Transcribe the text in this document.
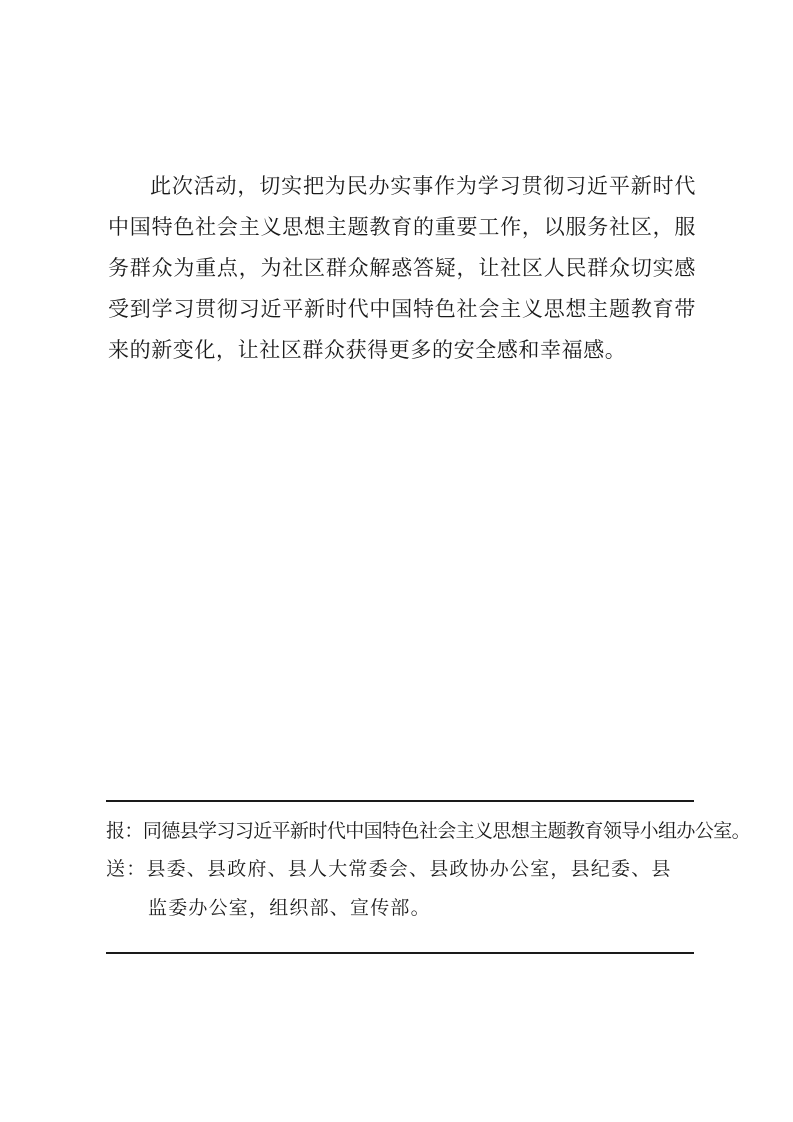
此次活动，切实把为民办实事作为学习贯彻习近平新时代中国特色社会主义思想主题教育的重要工作，以服务社区，服务群众为重点，为社区群众解惑答疑，让社区人民群众切实感受到学习贯彻习近平新时代中国特色社会主义思想主题教育带来的新变化，让社区群众获得更多的安全感和幸福感。

报：同德县学习习近平新时代中国特色社会主义思想主题教育领导小组办公室。
送：县委、县政府、县人大常委会、县政协办公室，县纪委、县
监委办公室，组织部、宣传部。
